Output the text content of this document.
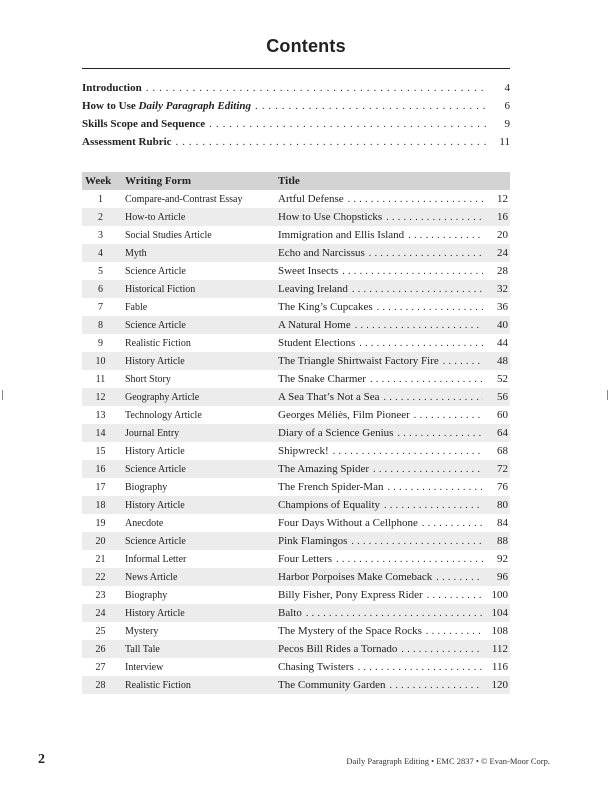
Contents
Introduction . . .	4
How to Use Daily Paragraph Editing . . .	6
Skills Scope and Sequence . . .	9
Assessment Rubric . . .	11
Week	Writing Form	Title
1	Compare-and-Contrast Essay	Artful Defense . . .	12
2	How-to Article	How to Use Chopsticks . . .	16
3	Social Studies Article	Immigration and Ellis Island . . .	20
4	Myth	Echo and Narcissus . . .	24
5	Science Article	Sweet Insects . . .	28
6	Historical Fiction	Leaving Ireland . . .	32
7	Fable	The King’s Cupcakes . . .	36
8	Science Article	A Natural Home . . .	40
9	Realistic Fiction	Student Elections . . .	44
10	History Article	The Triangle Shirtwaist Factory Fire . . .	48
11	Short Story	The Snake Charmer . . .	52
12	Geography Article	A Sea That’s Not a Sea . . .	56
13	Technology Article	Georges Méliès, Film Pioneer . . .	60
14	Journal Entry	Diary of a Science Genius . . .	64
15	History Article	Shipwreck! . . .	68
16	Science Article	The Amazing Spider . . .	72
17	Biography	The French Spider-Man . . .	76
18	History Article	Champions of Equality . . .	80
19	Anecdote	Four Days Without a Cellphone . . .	84
20	Science Article	Pink Flamingos . . .	88
21	Informal Letter	Four Letters . . .	92
22	News Article	Harbor Porpoises Make Comeback . . .	96
23	Biography	Billy Fisher, Pony Express Rider . . .	100
24	History Article	Balto . . .	104
25	Mystery	The Mystery of the Space Rocks . . .	108
26	Tall Tale	Pecos Bill Rides a Tornado . . .	112
27	Interview	Chasing Twisters . . .	116
28	Realistic Fiction	The Community Garden . . .	120
2	Daily Paragraph Editing • EMC 2837 • © Evan-Moor Corp.
